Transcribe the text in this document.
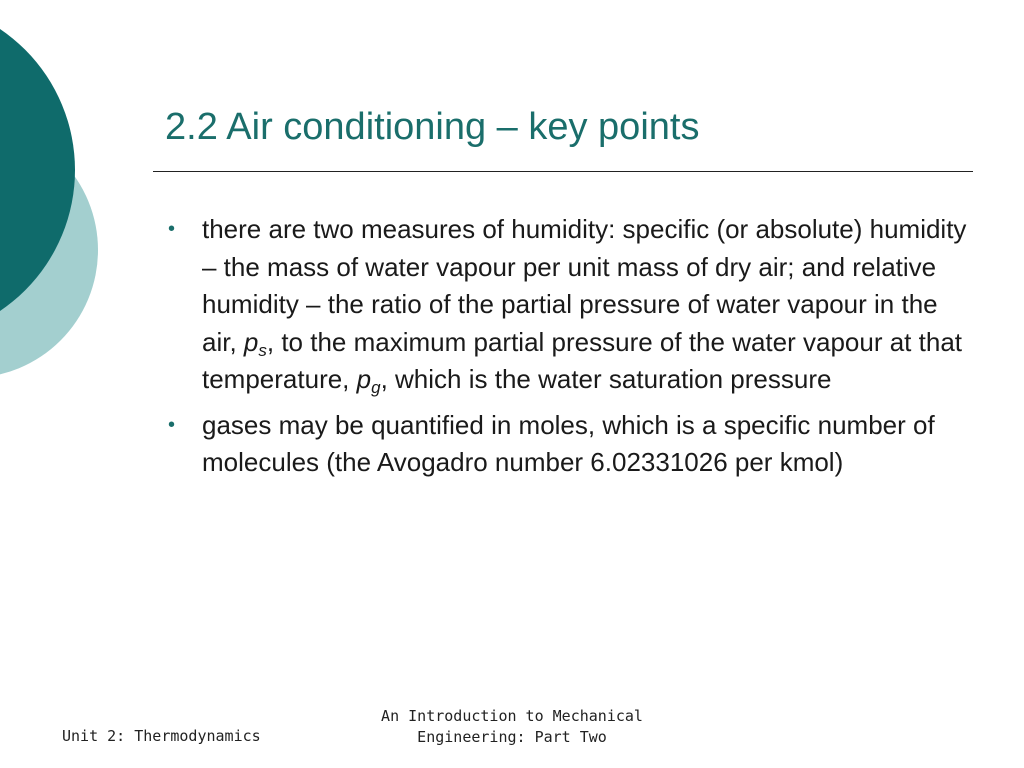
2.2 Air conditioning – key points
• there are two measures of humidity: specific (or absolute) humidity – the mass of water vapour per unit mass of dry air; and relative humidity – the ratio of the partial pressure of water vapour in the air, $p_s$, to the maximum partial pressure of the water vapour at that temperature, $p_g$, which is the water saturation pressure
• gases may be quantified in moles, which is a specific number of molecules (the Avogadro number 6.02331026 per kmol)
Unit 2: Thermodynamics
An Introduction to Mechanical
Engineering: Part Two
